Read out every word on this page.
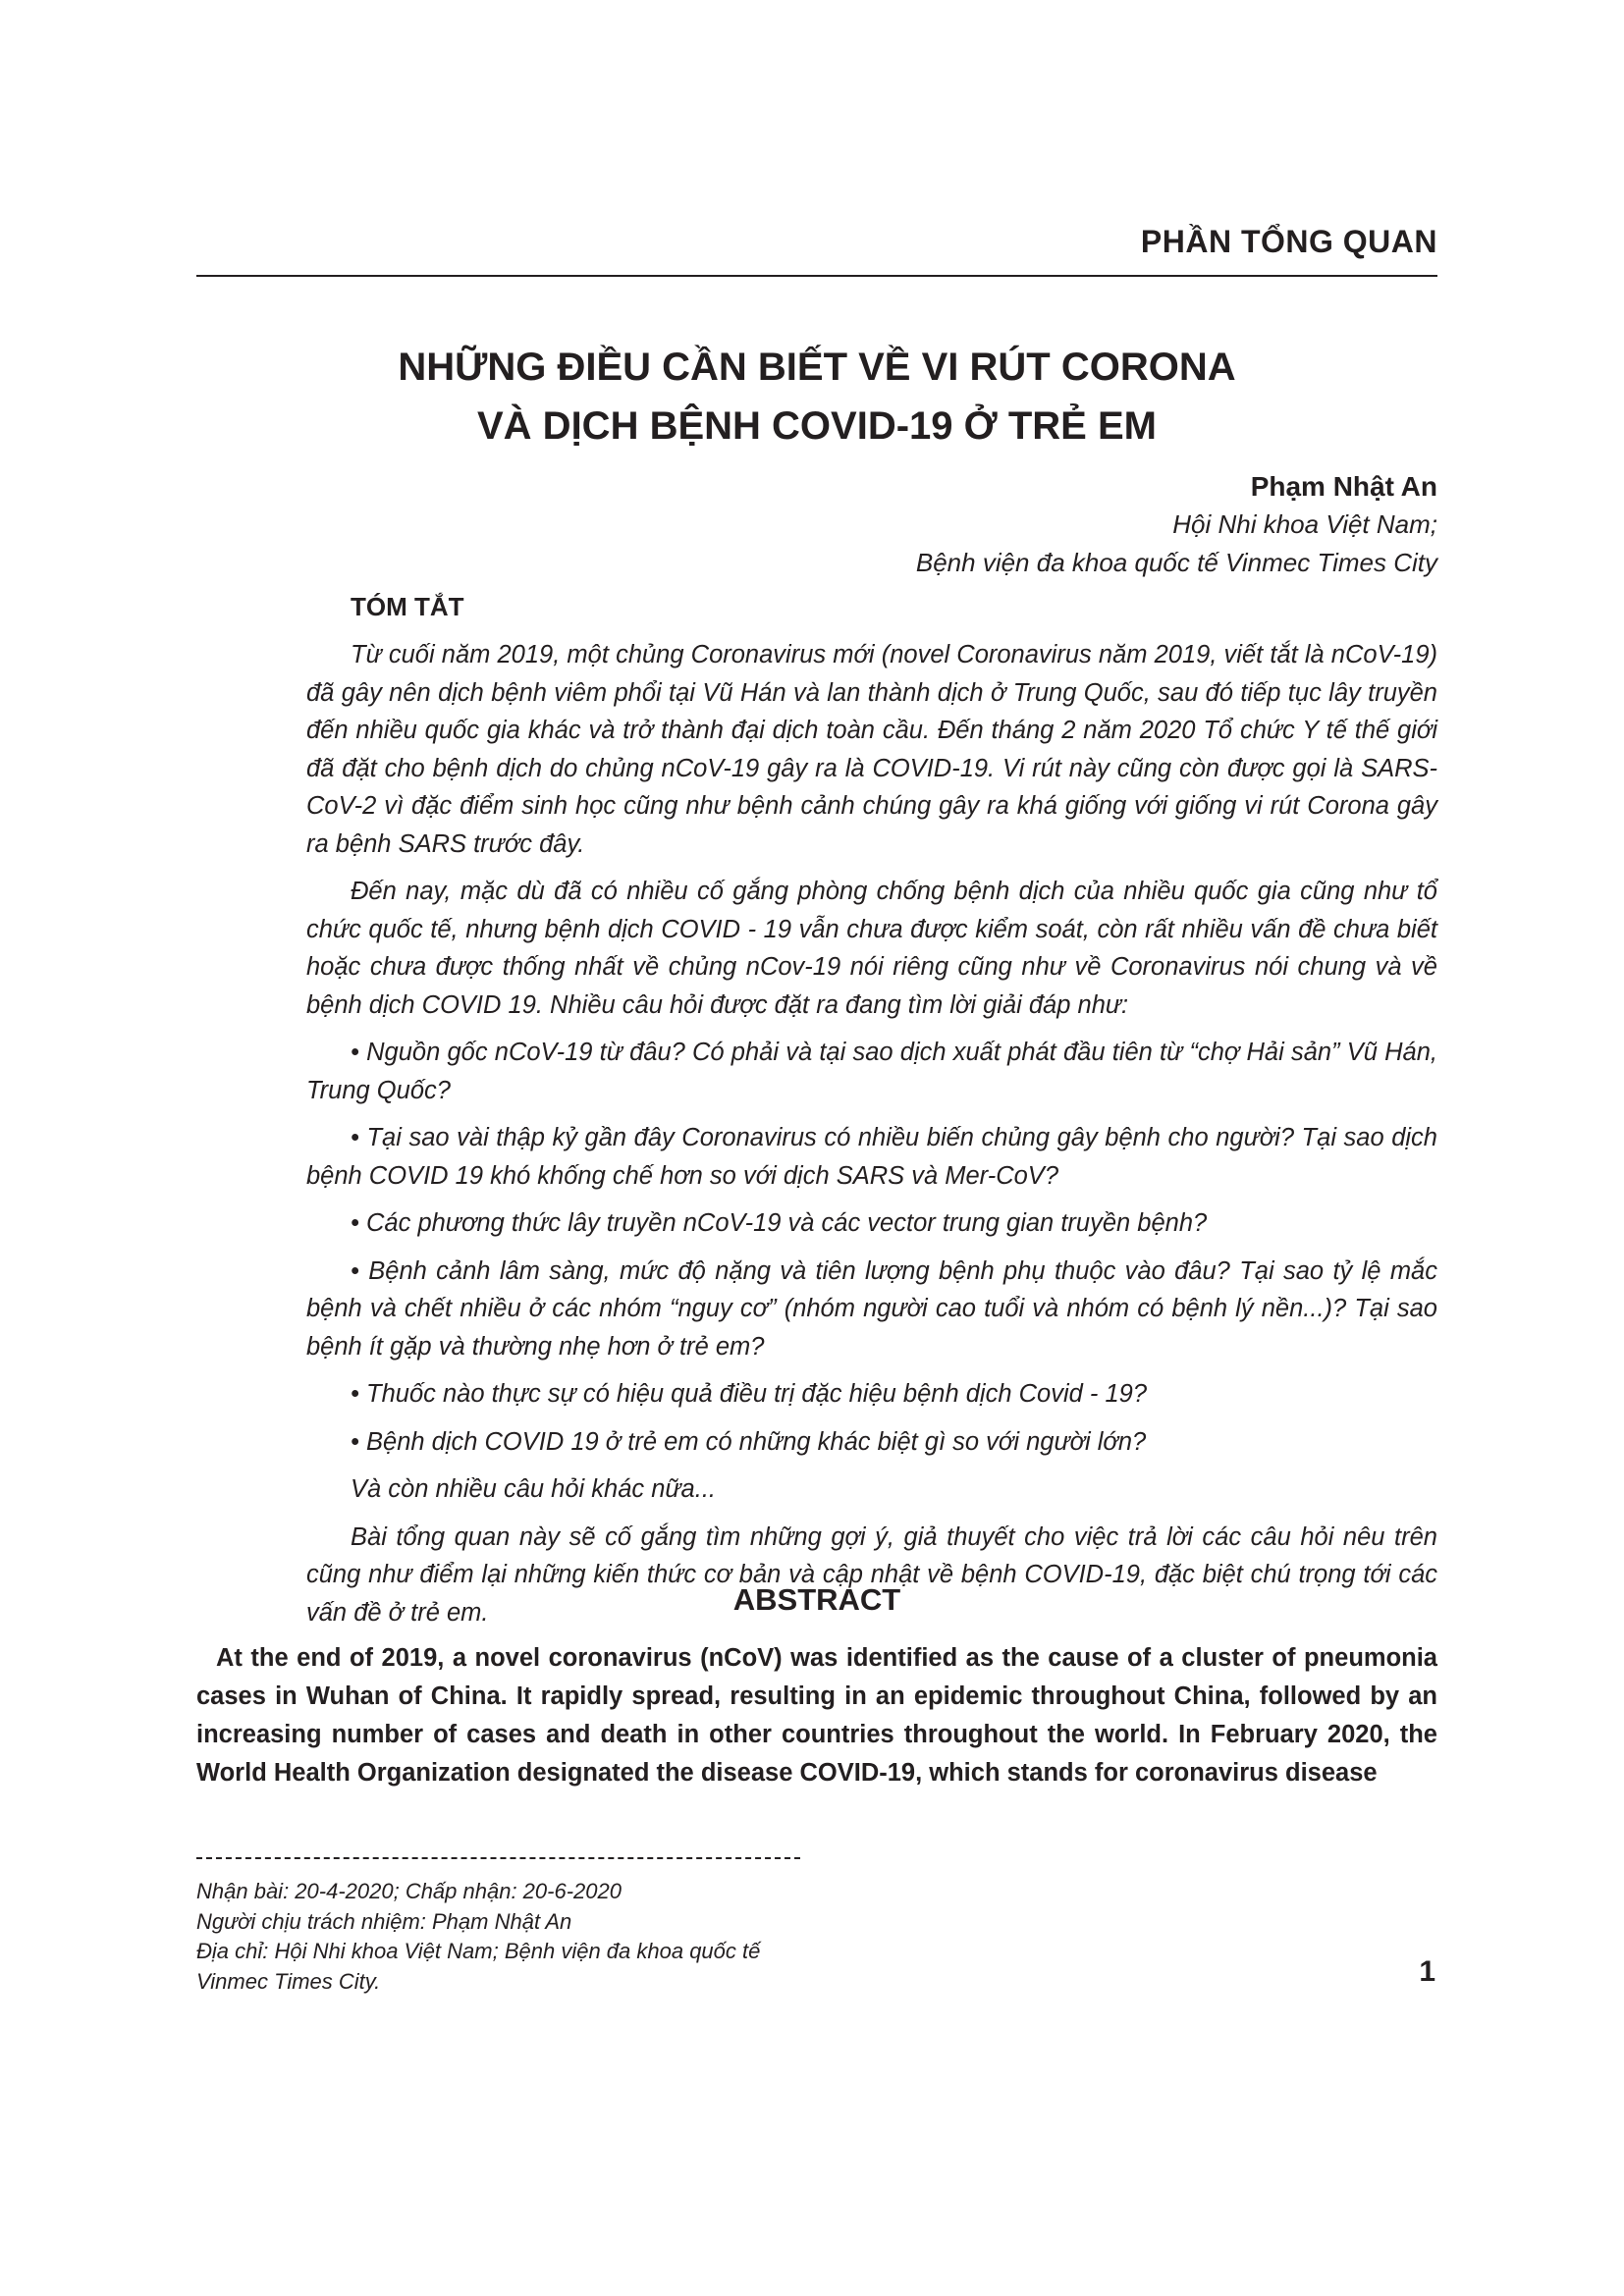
PHẦN TỔNG QUAN
NHỮNG ĐIỀU CẦN BIẾT VỀ VI RÚT CORONA
VÀ DỊCH BỆNH COVID-19 Ở TRẺ EM
Phạm Nhật An
Hội Nhi khoa Việt Nam;
Bệnh viện đa khoa quốc tế Vinmec Times City
TÓM TẮT

Từ cuối năm 2019, một chủng Coronavirus mới (novel Coronavirus năm 2019, viết tắt là nCoV-19) đã gây nên dịch bệnh viêm phổi tại Vũ Hán và lan thành dịch ở Trung Quốc, sau đó tiếp tục lây truyền đến nhiều quốc gia khác và trở thành đại dịch toàn cầu. Đến tháng 2 năm 2020 Tổ chức Y tế thế giới đã đặt cho bệnh dịch do chủng nCoV-19 gây ra là COVID-19. Vi rút này cũng còn được gọi là SARS-CoV-2 vì đặc điểm sinh học cũng như bệnh cảnh chúng gây ra khá giống với giống vi rút Corona gây ra bệnh SARS trước đây.

Đến nay, mặc dù đã có nhiều cố gắng phòng chống bệnh dịch của nhiều quốc gia cũng như tổ chức quốc tế, nhưng bệnh dịch COVID - 19 vẫn chưa được kiểm soát, còn rất nhiều vấn đề chưa biết hoặc chưa được thống nhất về chủng nCov-19 nói riêng cũng như về Coronavirus nói chung và về bệnh dịch COVID 19. Nhiều câu hỏi được đặt ra đang tìm lời giải đáp như:

• Nguồn gốc nCoV-19 từ đâu? Có phải và tại sao dịch xuất phát đầu tiên từ “chợ Hải sản” Vũ Hán, Trung Quốc?

• Tại sao vài thập kỷ gần đây Coronavirus có nhiều biến chủng gây bệnh cho người? Tại sao dịch bệnh COVID 19 khó khống chế hơn so với dịch SARS và Mer-CoV?

• Các phương thức lây truyền nCoV-19 và các vector trung gian truyền bệnh?

• Bệnh cảnh lâm sàng, mức độ nặng và tiên lượng bệnh phụ thuộc vào đâu? Tại sao tỷ lệ mắc bệnh và chết nhiều ở các nhóm “nguy cơ” (nhóm người cao tuổi và nhóm có bệnh lý nền...)? Tại sao bệnh ít gặp và thường nhẹ hơn ở trẻ em?

• Thuốc nào thực sự có hiệu quả điều trị đặc hiệu bệnh dịch Covid - 19?

• Bệnh dịch COVID 19 ở trẻ em có những khác biệt gì so với người lớn?

Và còn nhiều câu hỏi khác nữa...

Bài tổng quan này sẽ cố gắng tìm những gợi ý, giả thuyết cho việc trả lời các câu hỏi nêu trên cũng như điểm lại những kiến thức cơ bản và cập nhật về bệnh COVID-19, đặc biệt chú trọng tới các vấn đề ở trẻ em.	ABSTRACT

At the end of 2019, a novel coronavirus (nCoV) was identified as the cause of a cluster of pneumonia cases in Wuhan of China. It rapidly spread, resulting in an epidemic throughout China, followed by an increasing number of cases and death in other countries throughout the world. In February 2020, the World Health Organization designated the disease COVID-19, which stands for coronavirus disease

Nhận bài: 20-4-2020; Chấp nhận: 20-6-2020
Người chịu trách nhiệm: Phạm Nhật An
Địa chỉ: Hội Nhi khoa Việt Nam; Bệnh viện đa khoa quốc tế
Vinmec Times City.	1
